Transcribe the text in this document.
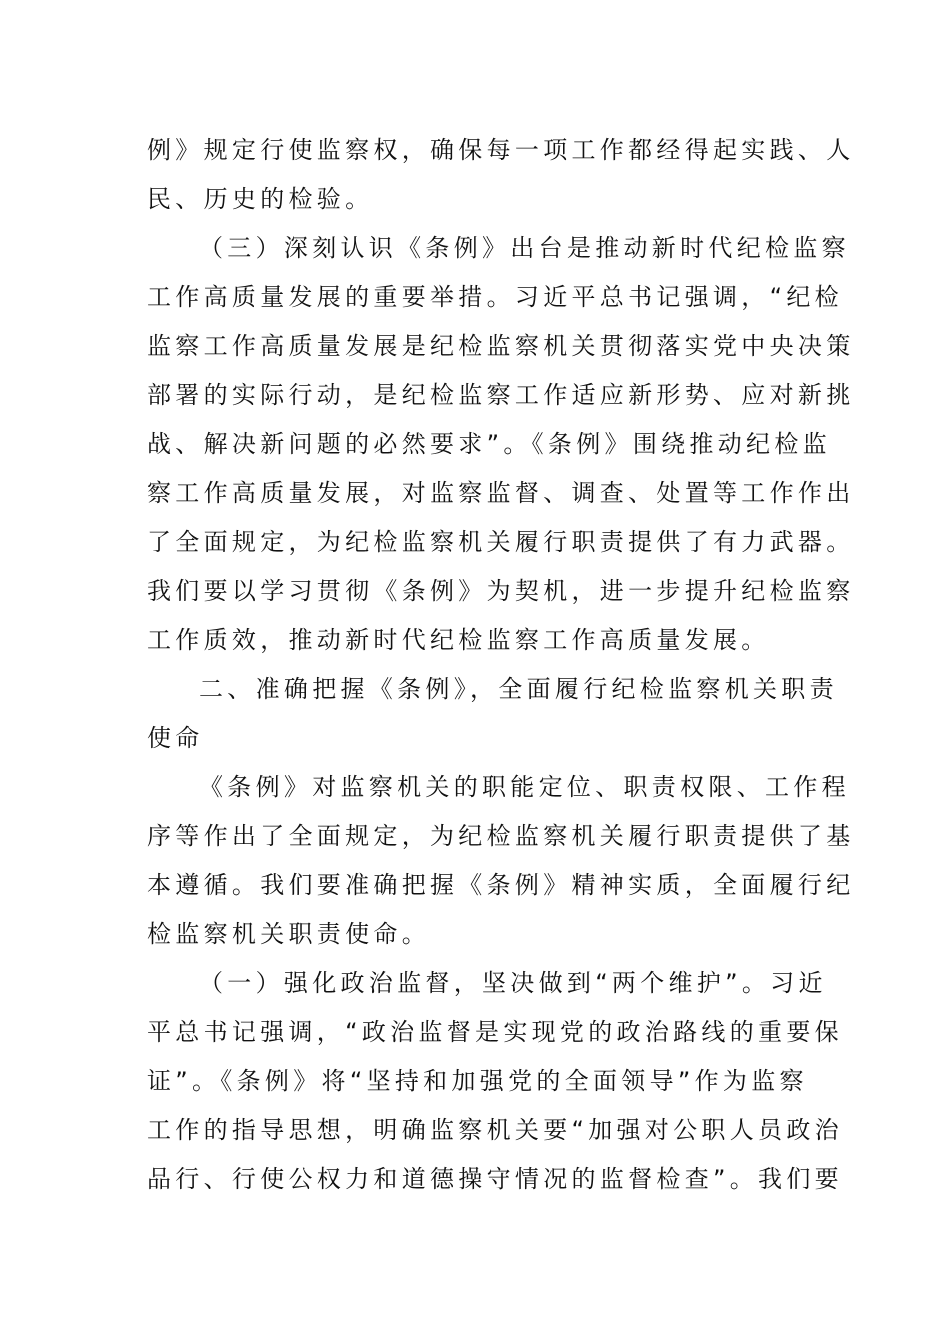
例》规定行使监察权，确保每一项工作都经得起实践、人
民、历史的检验。
（三）深刻认识《条例》出台是推动新时代纪检监察
工作高质量发展的重要举措。习近平总书记强调，“纪检
监察工作高质量发展是纪检监察机关贯彻落实党中央决策
部署的实际行动，是纪检监察工作适应新形势、应对新挑
战、解决新问题的必然要求”。《条例》围绕推动纪检监
察工作高质量发展，对监察监督、调查、处置等工作作出
了全面规定，为纪检监察机关履行职责提供了有力武器。
我们要以学习贯彻《条例》为契机，进一步提升纪检监察
工作质效，推动新时代纪检监察工作高质量发展。
二、准确把握《条例》，全面履行纪检监察机关职责
使命
《条例》对监察机关的职能定位、职责权限、工作程
序等作出了全面规定，为纪检监察机关履行职责提供了基
本遵循。我们要准确把握《条例》精神实质，全面履行纪
检监察机关职责使命。
（一）强化政治监督，坚决做到“两个维护”。习近
平总书记强调，“政治监督是实现党的政治路线的重要保
证”。《条例》将“坚持和加强党的全面领导”作为监察
工作的指导思想，明确监察机关要“加强对公职人员政治
品行、行使公权力和道德操守情况的监督检查”。我们要
